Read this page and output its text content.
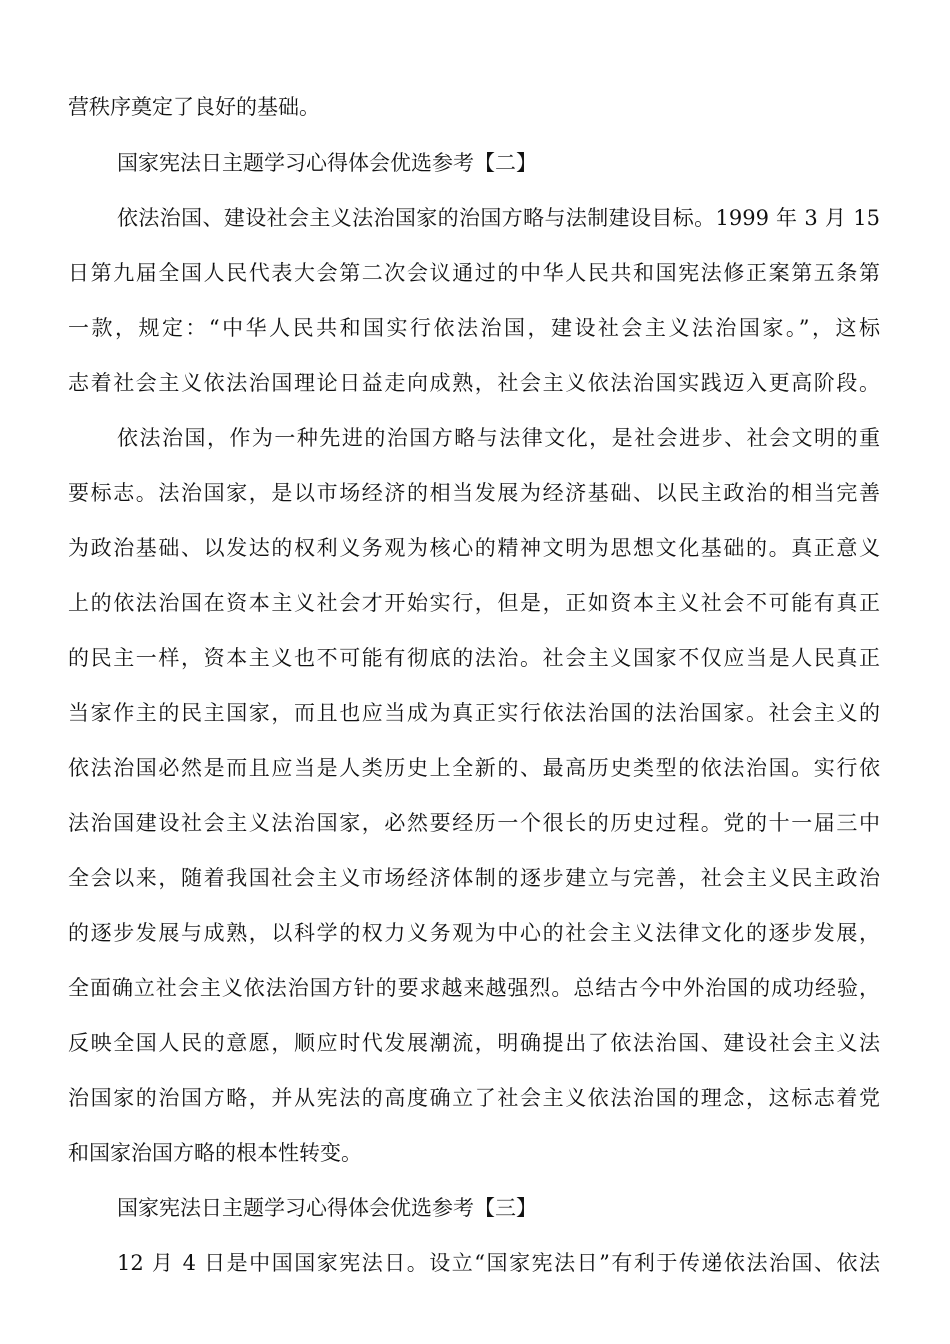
营秩序奠定了良好的基础。
国家宪法日主题学习心得体会优选参考【二】
依法治国、建设社会主义法治国家的治国方略与法制建设目标。1999 年 3 月 15
日第九届全国人民代表大会第二次会议通过的中华人民共和国宪法修正案第五条第
一款，规定：“中华人民共和国实行依法治国，建设社会主义法治国家。”，这标
志着社会主义依法治国理论日益走向成熟，社会主义依法治国实践迈入更高阶段。
依法治国，作为一种先进的治国方略与法律文化，是社会进步、社会文明的重
要标志。法治国家，是以市场经济的相当发展为经济基础、以民主政治的相当完善
为政治基础、以发达的权利义务观为核心的精神文明为思想文化基础的。真正意义
上的依法治国在资本主义社会才开始实行，但是，正如资本主义社会不可能有真正
的民主一样，资本主义也不可能有彻底的法治。社会主义国家不仅应当是人民真正
当家作主的民主国家，而且也应当成为真正实行依法治国的法治国家。社会主义的
依法治国必然是而且应当是人类历史上全新的、最高历史类型的依法治国。实行依
法治国建设社会主义法治国家，必然要经历一个很长的历史过程。党的十一届三中
全会以来，随着我国社会主义市场经济体制的逐步建立与完善，社会主义民主政治
的逐步发展与成熟，以科学的权力义务观为中心的社会主义法律文化的逐步发展，
全面确立社会主义依法治国方针的要求越来越强烈。总结古今中外治国的成功经验，
反映全国人民的意愿，顺应时代发展潮流，明确提出了依法治国、建设社会主义法
治国家的治国方略，并从宪法的高度确立了社会主义依法治国的理念，这标志着党
和国家治国方略的根本性转变。
国家宪法日主题学习心得体会优选参考【三】
12 月 4 日是中国国家宪法日。设立“国家宪法日”有利于传递依法治国、依法
